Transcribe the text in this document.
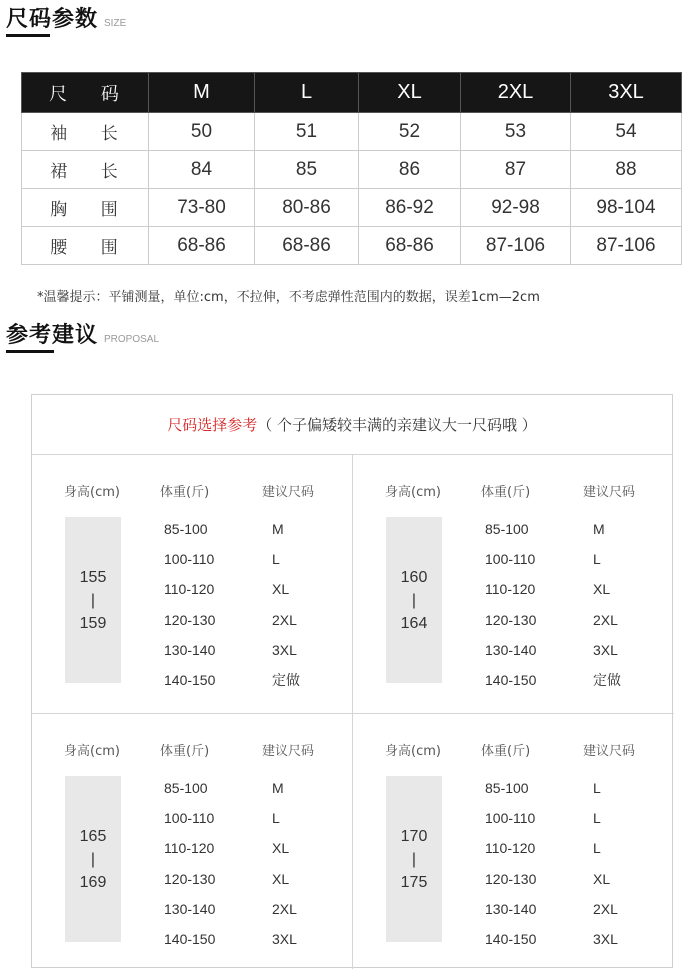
尺码参数 SIZE
尺 码	M	L	XL	2XL	3XL
袖 长	50	51	52	53	54
裙 长	84	85	86	87	88
胸 围	73-80	80-86	86-92	92-98	98-104
腰 围	68-86	68-86	68-86	87-106	87-106
*温馨提示：平铺测量，单位:cm，不拉伸，不考虑弹性范围内的数据，误差1cm—2cm
参考建议 PROPOSAL
尺码选择参考 （ 个子偏矮较丰满的亲建议大一尺码哦 ）
身高(cm)	体重(斤)	建议尺码
155
|
159
85-100	M
100-110	L
110-120	XL
120-130	2XL
130-140	3XL
140-150	定做
身高(cm)	体重(斤)	建议尺码
160
|
164
85-100	M
100-110	L
110-120	XL
120-130	2XL
130-140	3XL
140-150	定做
身高(cm)	体重(斤)	建议尺码
165
|
169
85-100	M
100-110	L
110-120	XL
120-130	XL
130-140	2XL
140-150	3XL
身高(cm)	体重(斤)	建议尺码
170
|
175
85-100	L
100-110	L
110-120	L
120-130	XL
130-140	2XL
140-150	3XL
